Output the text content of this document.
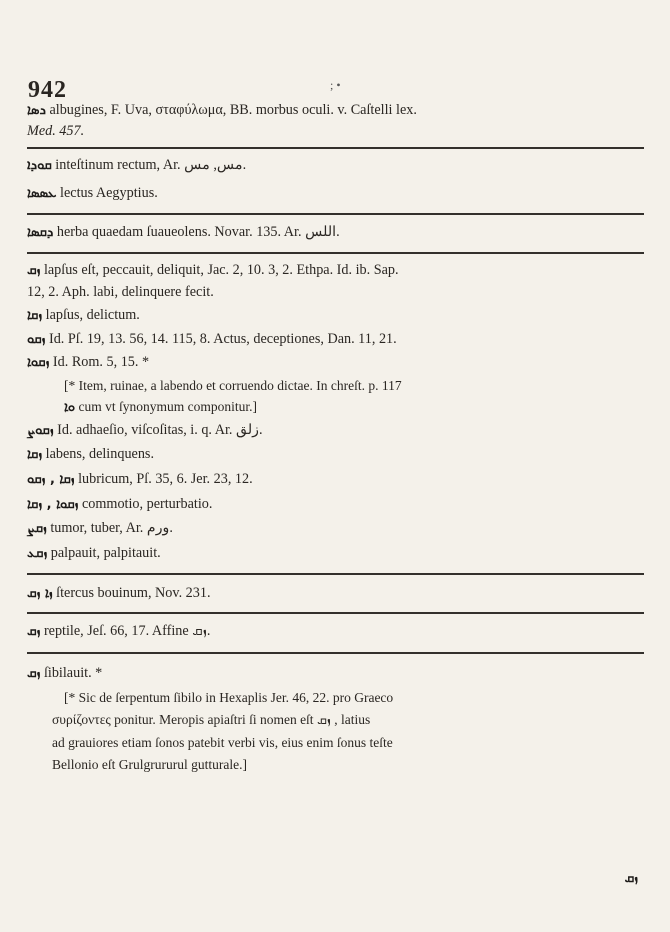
942	; •
ܖܣܐ albugines, F. Uva, σταφύλωμα, BB. morbus oculi. v. Caſtelli lex.
Med. 457.
ܩܘܕܐ inteſtinum rectum, Ar. مس, مس.
ܥܣܣܐ lectus Aegyptius.
ܕܩܣܐ herba quaedam ſuaueolens. Novar. 135. Ar. اللس.
ܙܩ lapſus eſt, peccauit, deliquit, Jac. 2, 10. 3, 2. Ethpa. Id. ib. Sap.
12, 2. Aph. labi, delinquere fecit.
ܙܩܐ lapſus, delictum.
ܙܩܘ Id. Pſ. 19, 13. 56, 14. 115, 8. Actus, deceptiones, Dan. 11, 21.
ܙܩܘܐ Id. Rom. 5, 15. *
[* Item, ruinae, a labendo et corruendo dictae. In chreſt. p. 117
ܘܐ cum vt ſynonymum componitur.]
ܙܩܘܨ Id. adhaeſio, viſcoſitas, i. q. Ar. زلق.
ܙܩܐ labens, delinquens.
ܙܩܐ , ܙܩܘ lubricum, Pſ. 35, 6. Jer. 23, 12.
ܙܩܘܐ , ܙܩܐ commotio, perturbatio.
ܙܩܨ tumor, tuber, Ar. ورم.
ܙܩܥ palpauit, palpitauit.
ܙܐ ܙܩ ſtercus bouinum, Nov. 231.
ܙܩ reptile, Jeſ. 66, 17. Affine ܙܩ.
ܙܩ ſibilauit. *
[* Sic de ſerpentum ſibilo in Hexaplis Jer. 46, 22. pro Graeco
συρίζοντες ponitur. Meropis apiaſtri ſi nomen eſt ܙܩ , latius
ad grauiores etiam ſonos patebit verbi vis, eius enim ſonus teſte
Bellonio eſt Grulgrururul gutturale.]
ܙܩ
